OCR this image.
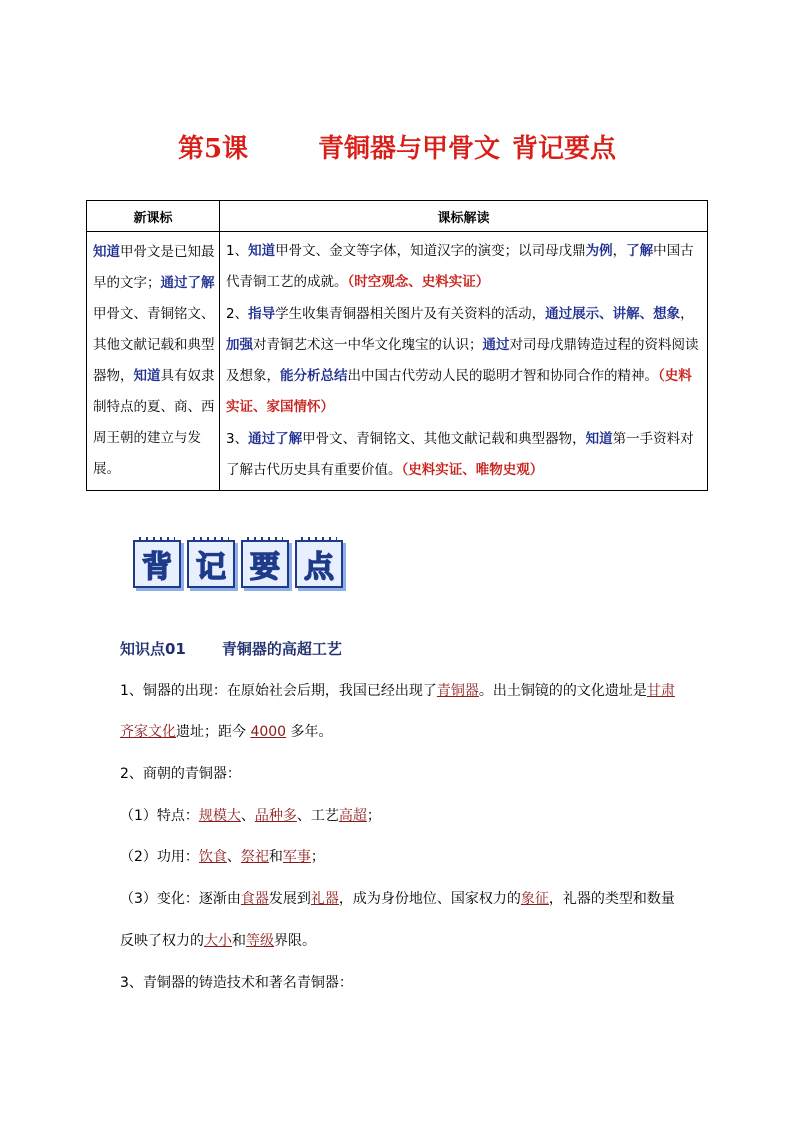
第5课	青铜器与甲骨文 背记要点
新课标	课标解读
知道甲骨文是已知最早的文字；通过了解甲骨文、青铜铭文、其他文献记载和典型器物，知道具有奴隶制特点的夏、商、西周王朝的建立与发展。	1、知道甲骨文、金文等字体，知道汉字的演变；以司母戊鼎为例，了解中国古代青铜工艺的成就。（时空观念、史料实证）
2、指导学生收集青铜器相关图片及有关资料的活动，通过展示、讲解、想象，加强对青铜艺术这一中华文化瑰宝的认识；通过对司母戊鼎铸造过程的资料阅读及想象，能分析总结出中国古代劳动人民的聪明才智和协同合作的精神。（史料实证、家国情怀）
3、通过了解甲骨文、青铜铭文、其他文献记载和典型器物，知道第一手资料对了解古代历史具有重要价值。（史料实证、唯物史观）
背 记 要 点
知识点01 青铜器的高超工艺
1、铜器的出现：在原始社会后期，我国已经出现了青铜器。出土铜镜的的文化遗址是甘肃
齐家文化遗址；距今 4000 多年。
2、商朝的青铜器：
（1）特点：规模大、品种多、工艺高超；
（2）功用：饮食、祭祀和军事；
（3）变化：逐渐由食器发展到礼器，成为身份地位、国家权力的象征，礼器的类型和数量
反映了权力的大小和等级界限。
3、青铜器的铸造技术和著名青铜器：
